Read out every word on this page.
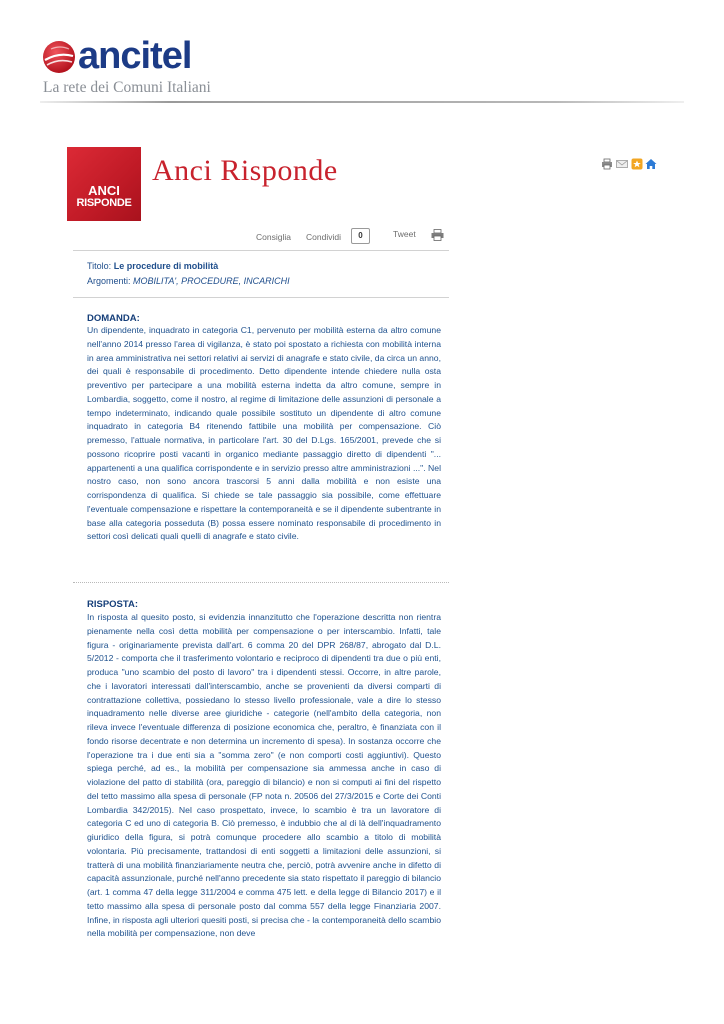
ancitel
La rete dei Comuni Italiani
ANCI
RISPONDE
Anci Risponde
Consiglia Condividi	0	Tweet
Titolo: Le procedure di mobilità
Argomenti: MOBILITA', PROCEDURE, INCARICHI
DOMANDA:

Un dipendente, inquadrato in categoria C1, pervenuto per mobilità esterna da altro comune nell'anno 2014 presso l'area di vigilanza, è stato poi spostato a richiesta con mobilità interna in area amministrativa nei settori relativi ai servizi di anagrafe e stato civile, da circa un anno, dei quali è responsabile di procedimento. Detto dipendente intende chiedere nulla osta preventivo per partecipare a una mobilità esterna indetta da altro comune, sempre in Lombardia, soggetto, come il nostro, al regime di limitazione delle assunzioni di personale a tempo indeterminato, indicando quale possibile sostituto un dipendente di altro comune inquadrato in categoria B4 ritenendo fattibile una mobilità per compensazione. Ciò premesso, l'attuale normativa, in particolare l'art. 30 del D.Lgs. 165/2001, prevede che si possono ricoprire posti vacanti in organico mediante passaggio diretto di dipendenti "... appartenenti a una qualifica corrispondente e in servizio presso altre amministrazioni ...". Nel nostro caso, non sono ancora trascorsi 5 anni dalla mobilità e non esiste una corrispondenza di qualifica. Si chiede se tale passaggio sia possibile, come effettuare l'eventuale compensazione e rispettare la contemporaneità e se il dipendente subentrante in base alla categoria posseduta (B) possa essere nominato responsabile di procedimento in settori così delicati quali quelli di anagrafe e stato civile.

RISPOSTA:

In risposta al quesito posto, si evidenzia innanzitutto che l'operazione descritta non rientra pienamente nella così detta mobilità per compensazione o per interscambio. Infatti, tale figura - originariamente prevista dall'art. 6 comma 20 del DPR 268/87, abrogato dal D.L. 5/2012 - comporta che il trasferimento volontario e reciproco di dipendenti tra due o più enti, produca "uno scambio del posto di lavoro" tra i dipendenti stessi. Occorre, in altre parole, che i lavoratori interessati dall'interscambio, anche se provenienti da diversi comparti di contrattazione collettiva, possiedano lo stesso livello professionale, vale a dire lo stesso inquadramento nelle diverse aree giuridiche - categorie (nell'ambito della categoria, non rileva invece l'eventuale differenza di posizione economica che, peraltro, è finanziata con il fondo risorse decentrate e non determina un incremento di spesa). In sostanza occorre che l'operazione tra i due enti sia a "somma zero" (e non comporti costi aggiuntivi). Questo spiega perché, ad es., la mobilità per compensazione sia ammessa anche in caso di violazione del patto di stabilità (ora, pareggio di bilancio) e non si computi ai fini del rispetto del tetto massimo alla spesa di personale (FP nota n. 20506 del 27/3/2015 e Corte dei Conti Lombardia 342/2015). Nel caso prospettato, invece, lo scambio è tra un lavoratore di categoria C ed uno di categoria B. Ciò premesso, è indubbio che al di là dell'inquadramento giuridico della figura, si potrà comunque procedere allo scambio a titolo di mobilità volontaria. Più precisamente, trattandosi di enti soggetti a limitazioni delle assunzioni, si tratterà di una mobilità finanziariamente neutra che, perciò, potrà avvenire anche in difetto di capacità assunzionale, purché nell'anno precedente sia stato rispettato il pareggio di bilancio (art. 1 comma 47 della legge 311/2004 e comma 475 lett. e della legge di Bilancio 2017) e il tetto massimo alla spesa di personale posto dal comma 557 della legge Finanziaria 2007. Infine, in risposta agli ulteriori quesiti posti, si precisa che - la contemporaneità dello scambio nella mobilità per compensazione, non deve
